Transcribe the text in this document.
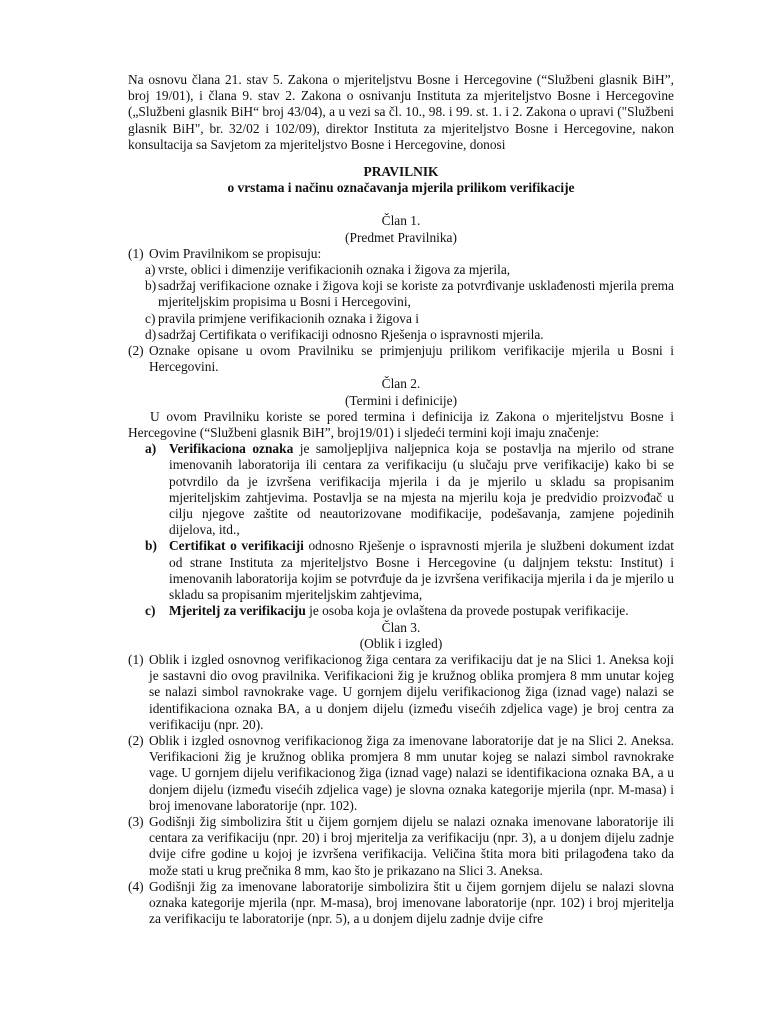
Na osnovu člana 21. stav 5. Zakona o mjeriteljstvu Bosne i Hercegovine (“Službeni glasnik BiH”, broj 19/01), i člana 9. stav 2. Zakona o osnivanju Instituta za mjeriteljstvo Bosne i Hercegovine („Službeni glasnik BiH“ broj 43/04), a u vezi sa čl. 10., 98. i 99. st. 1. i 2. Zakona o upravi ("Službeni glasnik BiH", br. 32/02 i 102/09), direktor Instituta za mjeriteljstvo Bosne i Hercegovine, nakon konsultacija sa Savjetom za mjeriteljstvo Bosne i Hercegovine, donosi

PRAVILNIK

o vrstama i načinu označavanja mjerila prilikom verifikacije

Član 1.

(Predmet Pravilnika)

(1) Ovim Pravilnikom se propisuju:
a) vrste, oblici i dimenzije verifikacionih oznaka i žigova za mjerila,
b) sadržaj verifikacione oznake i žigova koji se koriste za potvrđivanje usklađenosti mjerila prema mjeriteljskim propisima u Bosni i Hercegovini,
c) pravila primjene verifikacionih oznaka i žigova i
d) sadržaj Certifikata o verifikaciji odnosno Rješenja o ispravnosti mjerila.
(2) Oznake opisane u ovom Pravilniku se primjenjuju prilikom verifikacije mjerila u Bosni i Hercegovini.

Član 2.

(Termini i definicije)

U ovom Pravilniku koriste se pored termina i definicija iz Zakona o mjeriteljstvu Bosne i Hercegovine (“Službeni glasnik BiH”, broj19/01) i sljedeći termini koji imaju značenje:

a) Verifikaciona oznaka je samoljepljiva naljepnica koja se postavlja na mjerilo od strane imenovanih laboratorija ili centara za verifikaciju (u slučaju prve verifikacije) kako bi se potvrdilo da je izvršena verifikacija mjerila i da je mjerilo u skladu sa propisanim mjeriteljskim zahtjevima. Postavlja se na mjesta na mjerilu koja je predvidio proizvođač u cilju njegove zaštite od neautorizovane modifikacije, podešavanja, zamjene pojedinih dijelova, itd.,
b) Certifikat o verifikaciji odnosno Rješenje o ispravnosti mjerila je službeni dokument izdat od strane Instituta za mjeriteljstvo Bosne i Hercegovine (u daljnjem tekstu: Institut) i imenovanih laboratorija kojim se potvrđuje da je izvršena verifikacija mjerila i da je mjerilo u skladu sa propisanim mjeriteljskim zahtjevima,
c) Mjeritelj za verifikaciju je osoba koja je ovlaštena da provede postupak verifikacije.

Član 3.

(Oblik i izgled)

(1) Oblik i izgled osnovnog verifikacionog žiga centara za verifikaciju dat je na Slici 1. Aneksa koji je sastavni dio ovog pravilnika. Verifikacioni žig je kružnog oblika promjera 8 mm unutar kojeg se nalazi simbol ravnokrake vage. U gornjem dijelu verifikacionog žiga (iznad vage) nalazi se identifikaciona oznaka BA, a u donjem dijelu (između visećih zdjelica vage) je broj centra za verifikaciju (npr. 20).
(2) Oblik i izgled osnovnog verifikacionog žiga za imenovane laboratorije dat je na Slici 2. Aneksa. Verifikacioni žig je kružnog oblika promjera 8 mm unutar kojeg se nalazi simbol ravnokrake vage. U gornjem dijelu verifikacionog žiga (iznad vage) nalazi se identifikaciona oznaka BA, a u donjem dijelu (između visećih zdjelica vage) je slovna oznaka kategorije mjerila (npr. M-masa) i broj imenovane laboratorije (npr. 102).
(3) Godišnji žig simbolizira štit u čijem gornjem dijelu se nalazi oznaka imenovane laboratorije ili centara za verifikaciju (npr. 20) i broj mjeritelja za verifikaciju (npr. 3), a u donjem dijelu zadnje dvije cifre godine u kojoj je izvršena verifikacija. Veličina štita mora biti prilagođena tako da može stati u krug prečnika 8 mm, kao što je prikazano na Slici 3. Aneksa.
(4) Godišnji žig za imenovane laboratorije simbolizira štit u čijem gornjem dijelu se nalazi slovna oznaka kategorije mjerila (npr. M-masa), broj imenovane laboratorije (npr. 102) i broj mjeritelja za verifikaciju te laboratorije (npr. 5), a u donjem dijelu zadnje dvije cifre
